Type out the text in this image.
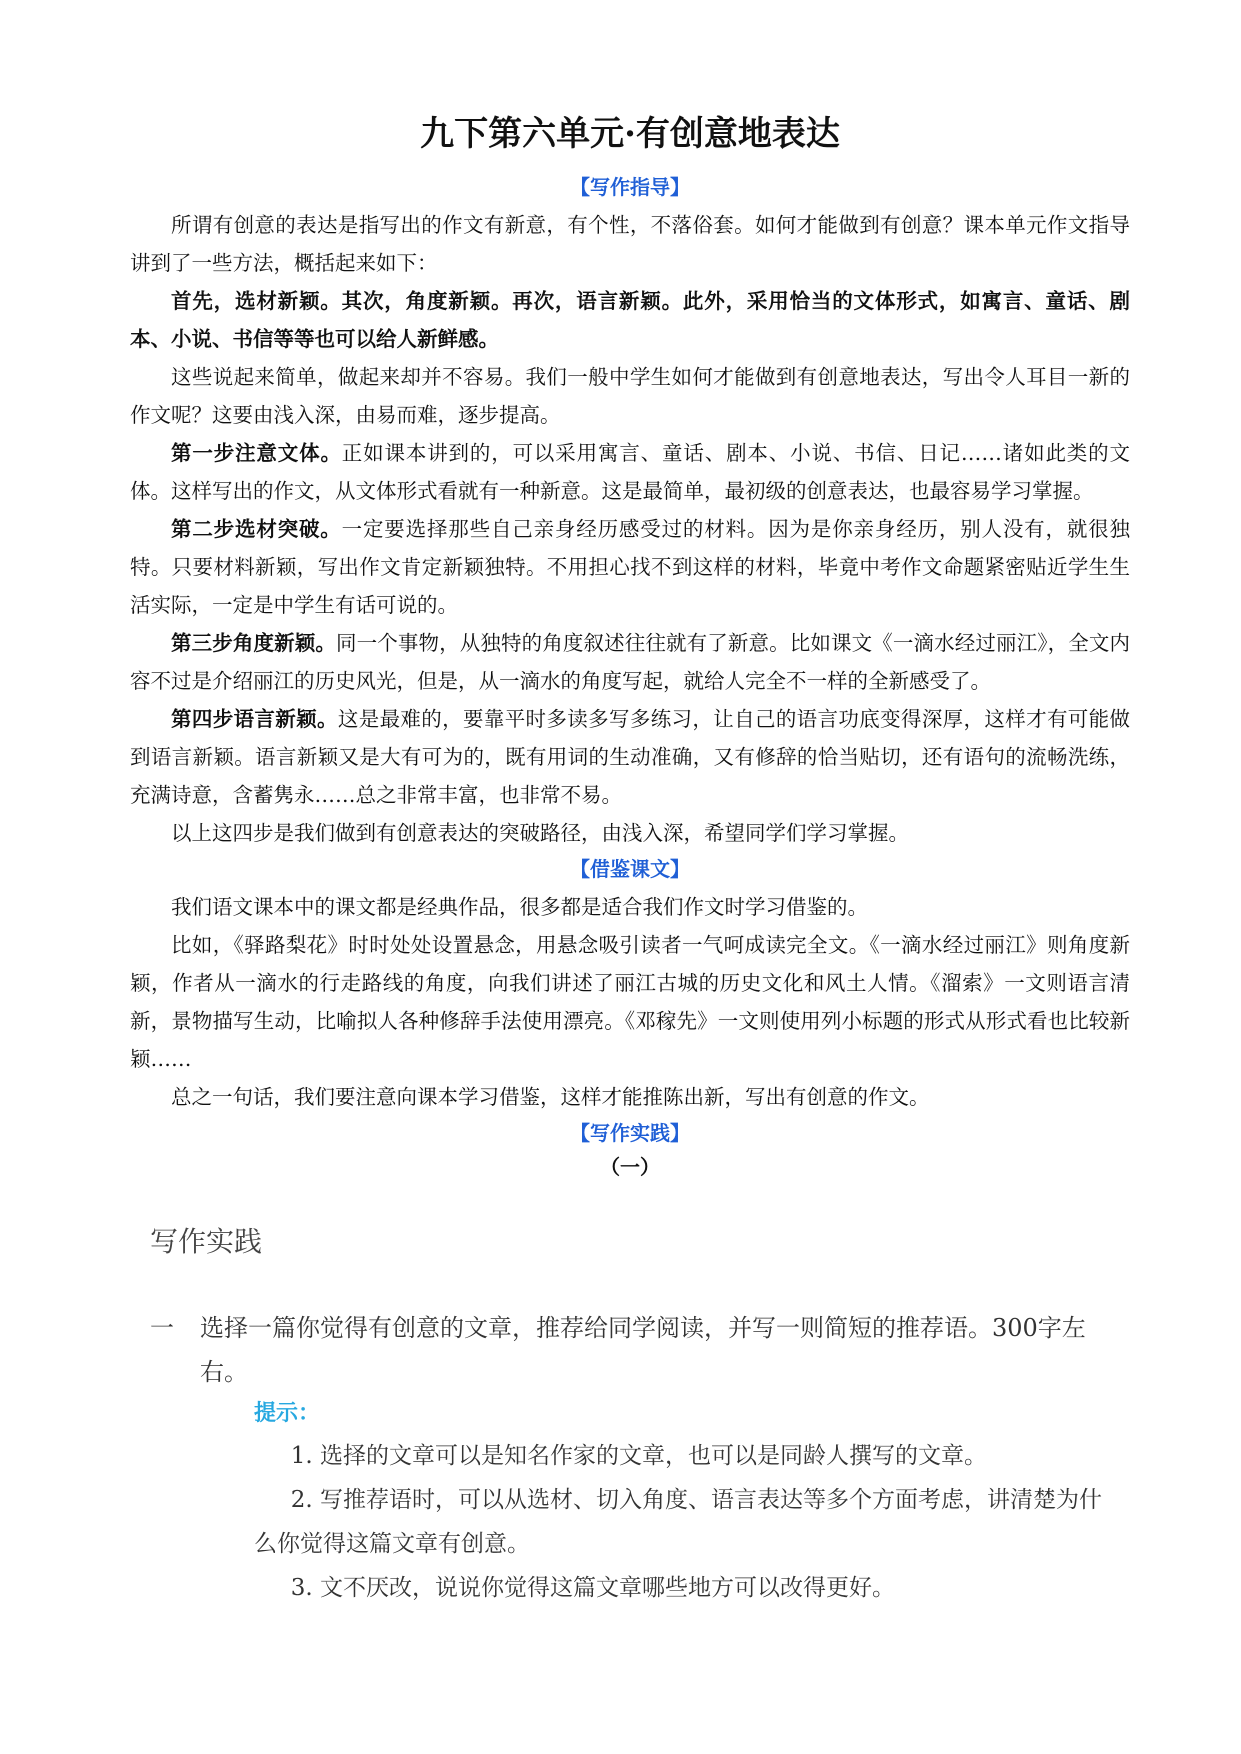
九下第六单元·有创意地表达
【写作指导】

所谓有创意的表达是指写出的作文有新意，有个性，不落俗套。如何才能做到有创意？课本单元作文指导讲到了一些方法，概括起来如下：

首先，选材新颖。其次，角度新颖。再次，语言新颖。此外，采用恰当的文体形式，如寓言、童话、剧本、小说、书信等等也可以给人新鲜感。

这些说起来简单，做起来却并不容易。我们一般中学生如何才能做到有创意地表达，写出令人耳目一新的作文呢？这要由浅入深，由易而难，逐步提高。

第一步注意文体。正如课本讲到的，可以采用寓言、童话、剧本、小说、书信、日记……诸如此类的文体。这样写出的作文，从文体形式看就有一种新意。这是最简单，最初级的创意表达，也最容易学习掌握。

第二步选材突破。一定要选择那些自己亲身经历感受过的材料。因为是你亲身经历，别人没有，就很独特。只要材料新颖，写出作文肯定新颖独特。不用担心找不到这样的材料，毕竟中考作文命题紧密贴近学生生活实际，一定是中学生有话可说的。

第三步角度新颖。同一个事物，从独特的角度叙述往往就有了新意。比如课文《一滴水经过丽江》，全文内容不过是介绍丽江的历史风光，但是，从一滴水的角度写起，就给人完全不一样的全新感受了。

第四步语言新颖。这是最难的，要靠平时多读多写多练习，让自己的语言功底变得深厚，这样才有可能做到语言新颖。语言新颖又是大有可为的，既有用词的生动准确，又有修辞的恰当贴切，还有语句的流畅洗练，充满诗意，含蓄隽永……总之非常丰富，也非常不易。

以上这四步是我们做到有创意表达的突破路径，由浅入深，希望同学们学习掌握。

【借鉴课文】

我们语文课本中的课文都是经典作品，很多都是适合我们作文时学习借鉴的。

比如，《驿路梨花》时时处处设置悬念，用悬念吸引读者一气呵成读完全文。《一滴水经过丽江》则角度新颖，作者从一滴水的行走路线的角度，向我们讲述了丽江古城的历史文化和风土人情。《溜索》一文则语言清新，景物描写生动，比喻拟人各种修辞手法使用漂亮。《邓稼先》一文则使用列小标题的形式从形式看也比较新颖……

总之一句话，我们要注意向课本学习借鉴，这样才能推陈出新，写出有创意的作文。

【写作实践】
（一）
写作实践
一 选择一篇你觉得有创意的文章，推荐给同学阅读，并写一则简短的推荐语。300字左右。
提示：
1. 选择的文章可以是知名作家的文章，也可以是同龄人撰写的文章。
2. 写推荐语时，可以从选材、切入角度、语言表达等多个方面考虑，讲清楚为什么你觉得这篇文章有创意。
3. 文不厌改，说说你觉得这篇文章哪些地方可以改得更好。
